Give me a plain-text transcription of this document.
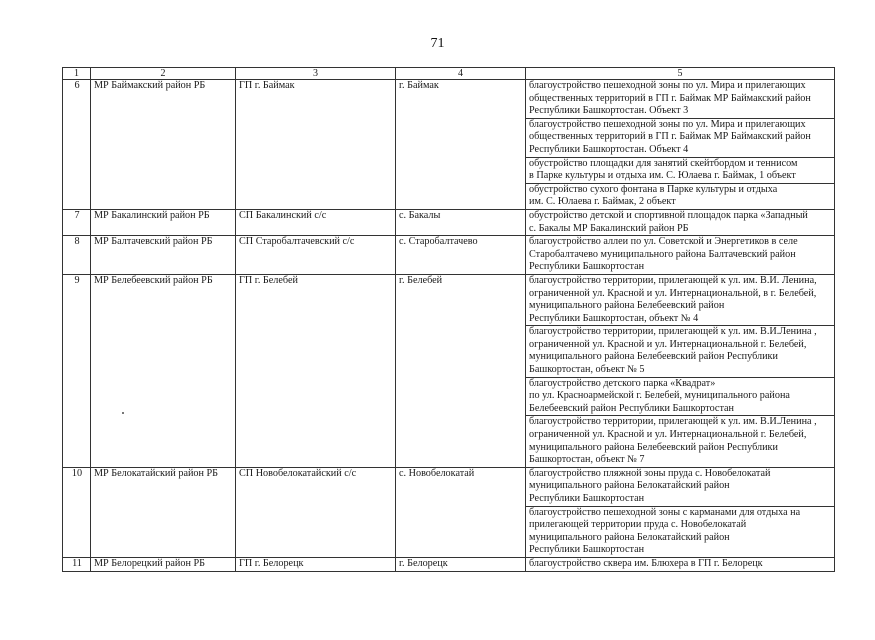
71
1	2	3	4	5
6	МР Баймакский район РБ	ГП г. Баймак	г. Баймак	благоустройство пешеходной зоны по ул. Мира и прилегающих
общественных территорий в ГП г. Баймак МР Баймакский район
Республики Башкортостан. Объект 3
				благоустройство пешеходной зоны по ул. Мира и прилегающих
общественных территорий в ГП г. Баймак МР Баймакский район
Республики Башкортостан. Объект 4
				обустройство площадки для занятий скейтбордом и теннисом
в Парке культуры и отдыха им. С. Юлаева г. Баймак, 1 объект
				обустройство сухого фонтана в Парке культуры и отдыха
им. С. Юлаева г. Баймак, 2 объект
7	МР Бакалинский район РБ	СП Бакалинский с/с	с. Бакалы	обустройство детской и спортивной площадок парка «Западный
с. Бакалы МР Бакалинский район РБ
8	МР Балтачевский район РБ	СП Старобалтачевский с/с	с. Старобалтачево	благоустройство аллеи по ул. Советской и Энергетиков в селе
Старобалтачево муниципального района Балтачевский район
Республики Башкортостан
9	МР Белебеевский район РБ	ГП г. Белебей	г. Белебей	благоустройство территории, прилегающей к ул. им. В.И. Ленина,
ограниченной ул. Красной и ул. Интернациональной, в г. Белебей,
муниципального района Белебеевский район
Республики Башкортостан, объект № 4
				благоустройство территории, прилегающей к ул. им. В.И.Ленина ,
ограниченной ул. Красной и ул. Интернациональной г. Белебей,
муниципального района Белебеевский район Республики
Башкортостан, объект № 5
				благоустройство детского парка «Квадрат»
по ул. Красноармейской г. Белебей, муниципального района
Белебеевский район Республики Башкортостан
				благоустройство территории, прилегающей к ул. им. В.И.Ленина ,
ограниченной ул. Красной и ул. Интернациональной г. Белебей,
муниципального района Белебеевский район Республики
Башкортостан, объект № 7
10	МР Белокатайский район РБ	СП Новобелокатайский с/с	с. Новобелокатай	благоустройство пляжной зоны пруда с. Новобелокатай
муниципального района Белокатайский район
Республики Башкортостан
				благоустройство пешеходной зоны с карманами для отдыха на
прилегающей территории пруда с. Новобелокатай
муниципального района Белокатайский район
Республики Башкортостан
11	МР Белорецкий район РБ	ГП г. Белорецк	г. Белорецк	благоустройство сквера им. Блюхера в ГП г. Белорецк
